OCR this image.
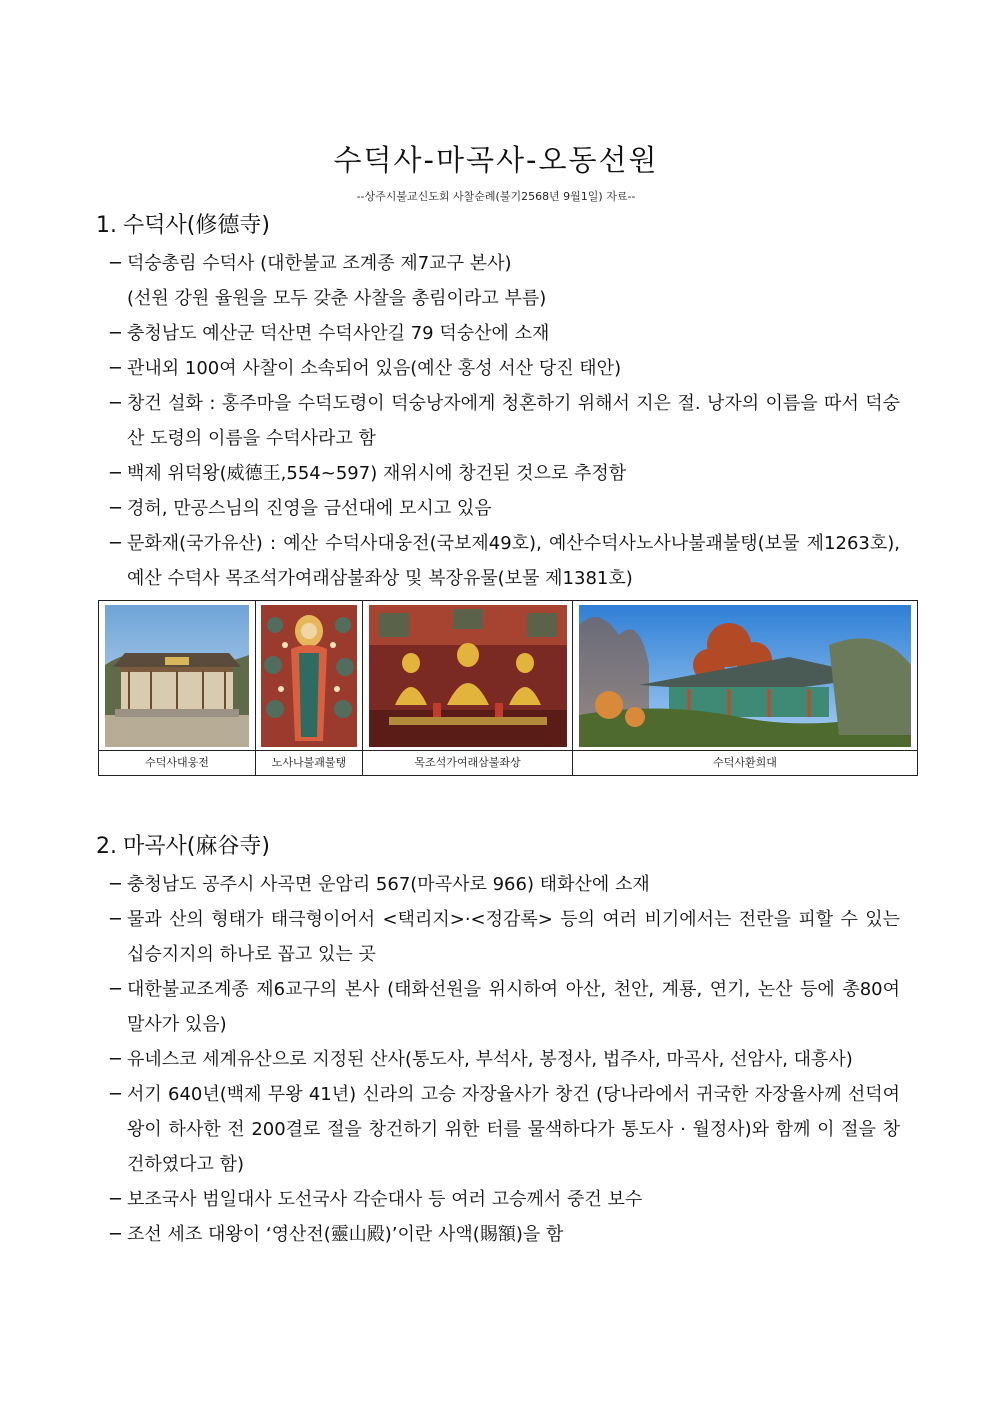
수덕사-마곡사-오동선원
--상주시불교신도회 사찰순례(불기2568년 9월1일) 자료--
1. 수덕사(修德寺)
─ 덕숭총림 수덕사 (대한불교 조계종 제7교구 본사)
(선원 강원 율원을 모두 갖춘 사찰을 총림이라고 부름)
─ 충청남도 예산군 덕산면 수덕사안길 79 덕숭산에 소재
─ 관내외 100여 사찰이 소속되어 있음(예산 홍성 서산 당진 태안)
─ 창건 설화 : 홍주마을 수덕도령이 덕숭낭자에게 청혼하기 위해서 지은 절. 낭자의 이름을 따서 덕숭산 도령의 이름을 수덕사라고 함
─ 백제 위덕왕(威德王,554~597) 재위시에 창건된 것으로 추정함
─ 경허, 만공스님의 진영을 금선대에 모시고 있음
─ 문화재(국가유산) : 예산 수덕사대웅전(국보제49호), 예산수덕사노사나불괘불탱(보물 제1263호), 예산 수덕사 목조석가여래삼불좌상 및 복장유물(보물 제1381호)
수덕사대웅전	노사나불괘불탱	목조석가여래삼불좌상	수덕사환희대
2. 마곡사(麻谷寺)
─ 충청남도 공주시 사곡면 운암리 567(마곡사로 966) 태화산에 소재
─ 물과 산의 형태가 태극형이어서 <택리지>·<정감록> 등의 여러 비기에서는 전란을 피할 수 있는 십승지지의 하나로 꼽고 있는 곳
─ 대한불교조계종 제6교구의 본사 (태화선원을 위시하여 아산, 천안, 계룡, 연기, 논산 등에 총80여 말사가 있음)
─ 유네스코 세계유산으로 지정된 산사(통도사, 부석사, 봉정사, 법주사, 마곡사, 선암사, 대흥사)
─ 서기 640년(백제 무왕 41년) 신라의 고승 자장율사가 창건 (당나라에서 귀국한 자장율사께 선덕여왕이 하사한 전 200결로 절을 창건하기 위한 터를 물색하다가 통도사 · 월정사)와 함께 이 절을 창건하였다고 함)
─ 보조국사 범일대사 도선국사 각순대사 등 여러 고승께서 중건 보수
─ 조선 세조 대왕이 ‘영산전(靈山殿)’이란 사액(賜額)을 함
